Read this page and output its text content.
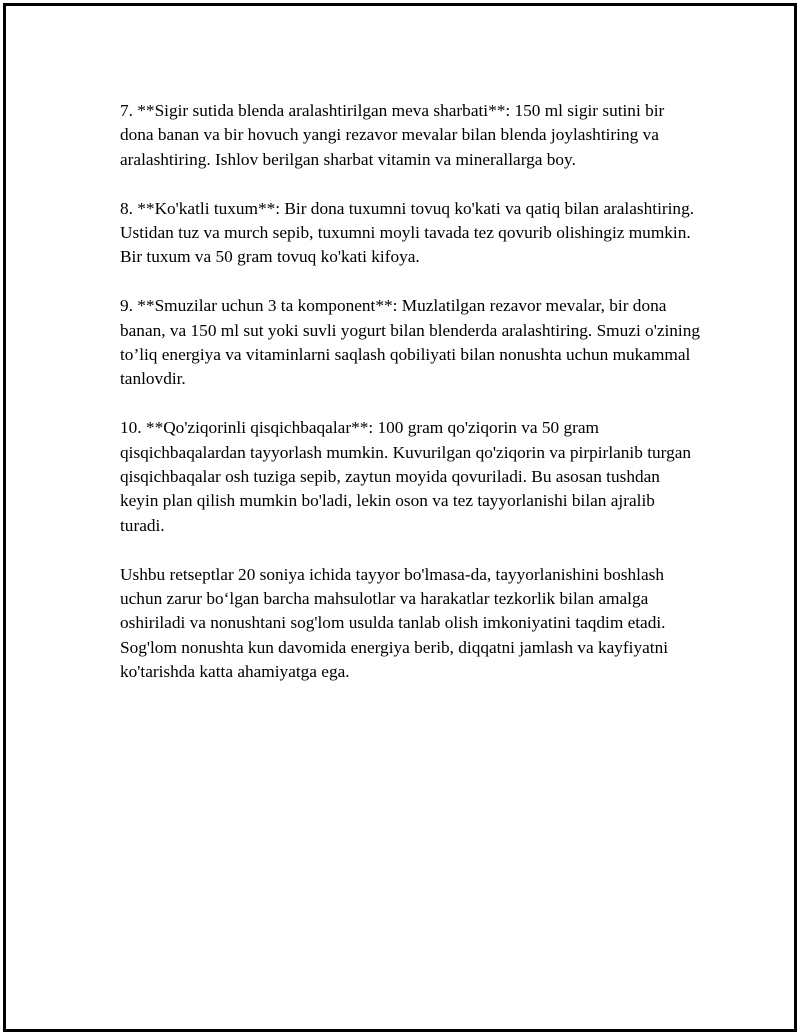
7. **Sigir sutida blenda aralashtirilgan meva sharbati**: 150 ml sigir sutini bir dona banan va bir hovuch yangi rezavor mevalar bilan blenda joylashtiring va aralashtiring. Ishlov berilgan sharbat vitamin va minerallarga boy.

8. **Ko'katli tuxum**: Bir dona tuxumni tovuq ko'kati va qatiq bilan aralashtiring. Ustidan tuz va murch sepib, tuxumni moyli tavada tez qovurib olishingiz mumkin. Bir tuxum va 50 gram tovuq ko'kati kifoya.

9. **Smuzilar uchun 3 ta komponent**: Muzlatilgan rezavor mevalar, bir dona banan, va 150 ml sut yoki suvli yogurt bilan blenderda aralashtiring. Smuzi o'zining to’liq energiya va vitaminlarni saqlash qobiliyati bilan nonushta uchun mukammal tanlovdir.

10. **Qo'ziqorinli qisqichbaqalar**: 100 gram qo'ziqorin va 50 gram qisqichbaqalardan tayyorlash mumkin. Kuvurilgan qo'ziqorin va pirpirlanib turgan qisqichbaqalar osh tuziga sepib, zaytun moyida qovuriladi. Bu asosan tushdan keyin plan qilish mumkin bo'ladi, lekin oson va tez tayyorlanishi bilan ajralib turadi.

Ushbu retseptlar 20 soniya ichida tayyor bo'lmasa-da, tayyorlanishini boshlash uchun zarur bo‘lgan barcha mahsulotlar va harakatlar tezkorlik bilan amalga oshiriladi va nonushtani sog'lom usulda tanlab olish imkoniyatini taqdim etadi. Sog'lom nonushta kun davomida energiya berib, diqqatni jamlash va kayfiyatni ko'tarishda katta ahamiyatga ega.
